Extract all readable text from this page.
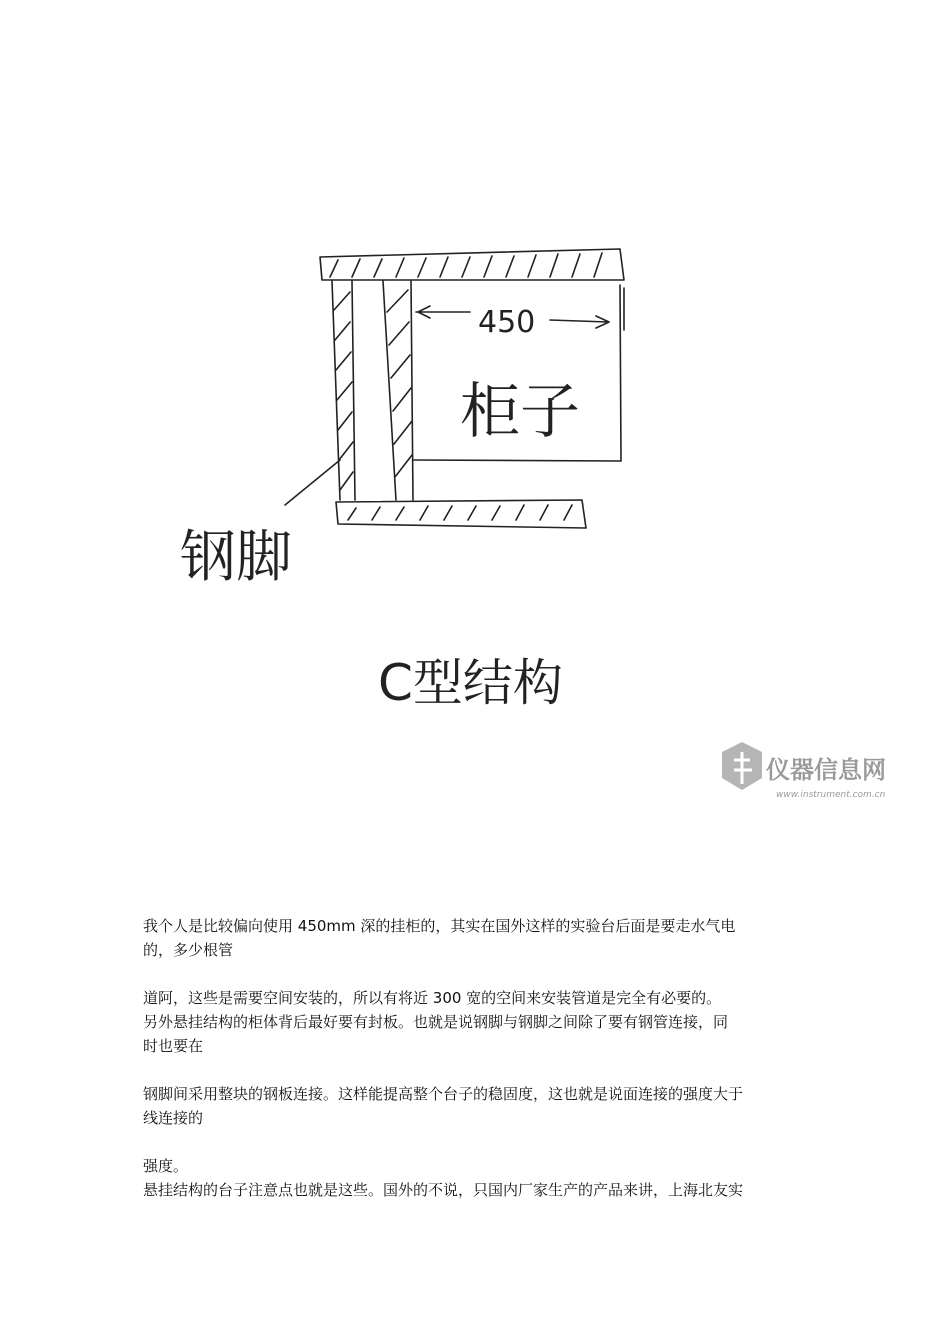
450
柜子
钢脚
C型结构
仪器信息网
www.instrument.com.cn

我个人是比较偏向使用 450mm 深的挂柜的，其实在国外这样的实验台后面是要走水气电

的，多少根管

道阿，这些是需要空间安装的，所以有将近 300 宽的空间来安装管道是完全有必要的。

另外悬挂结构的柜体背后最好要有封板。也就是说钢脚与钢脚之间除了要有钢管连接，同

时也要在

钢脚间采用整块的钢板连接。这样能提高整个台子的稳固度，这也就是说面连接的强度大于

线连接的

强度。

悬挂结构的台子注意点也就是这些。国外的不说，只国内厂家生产的产品来讲，上海北友实
